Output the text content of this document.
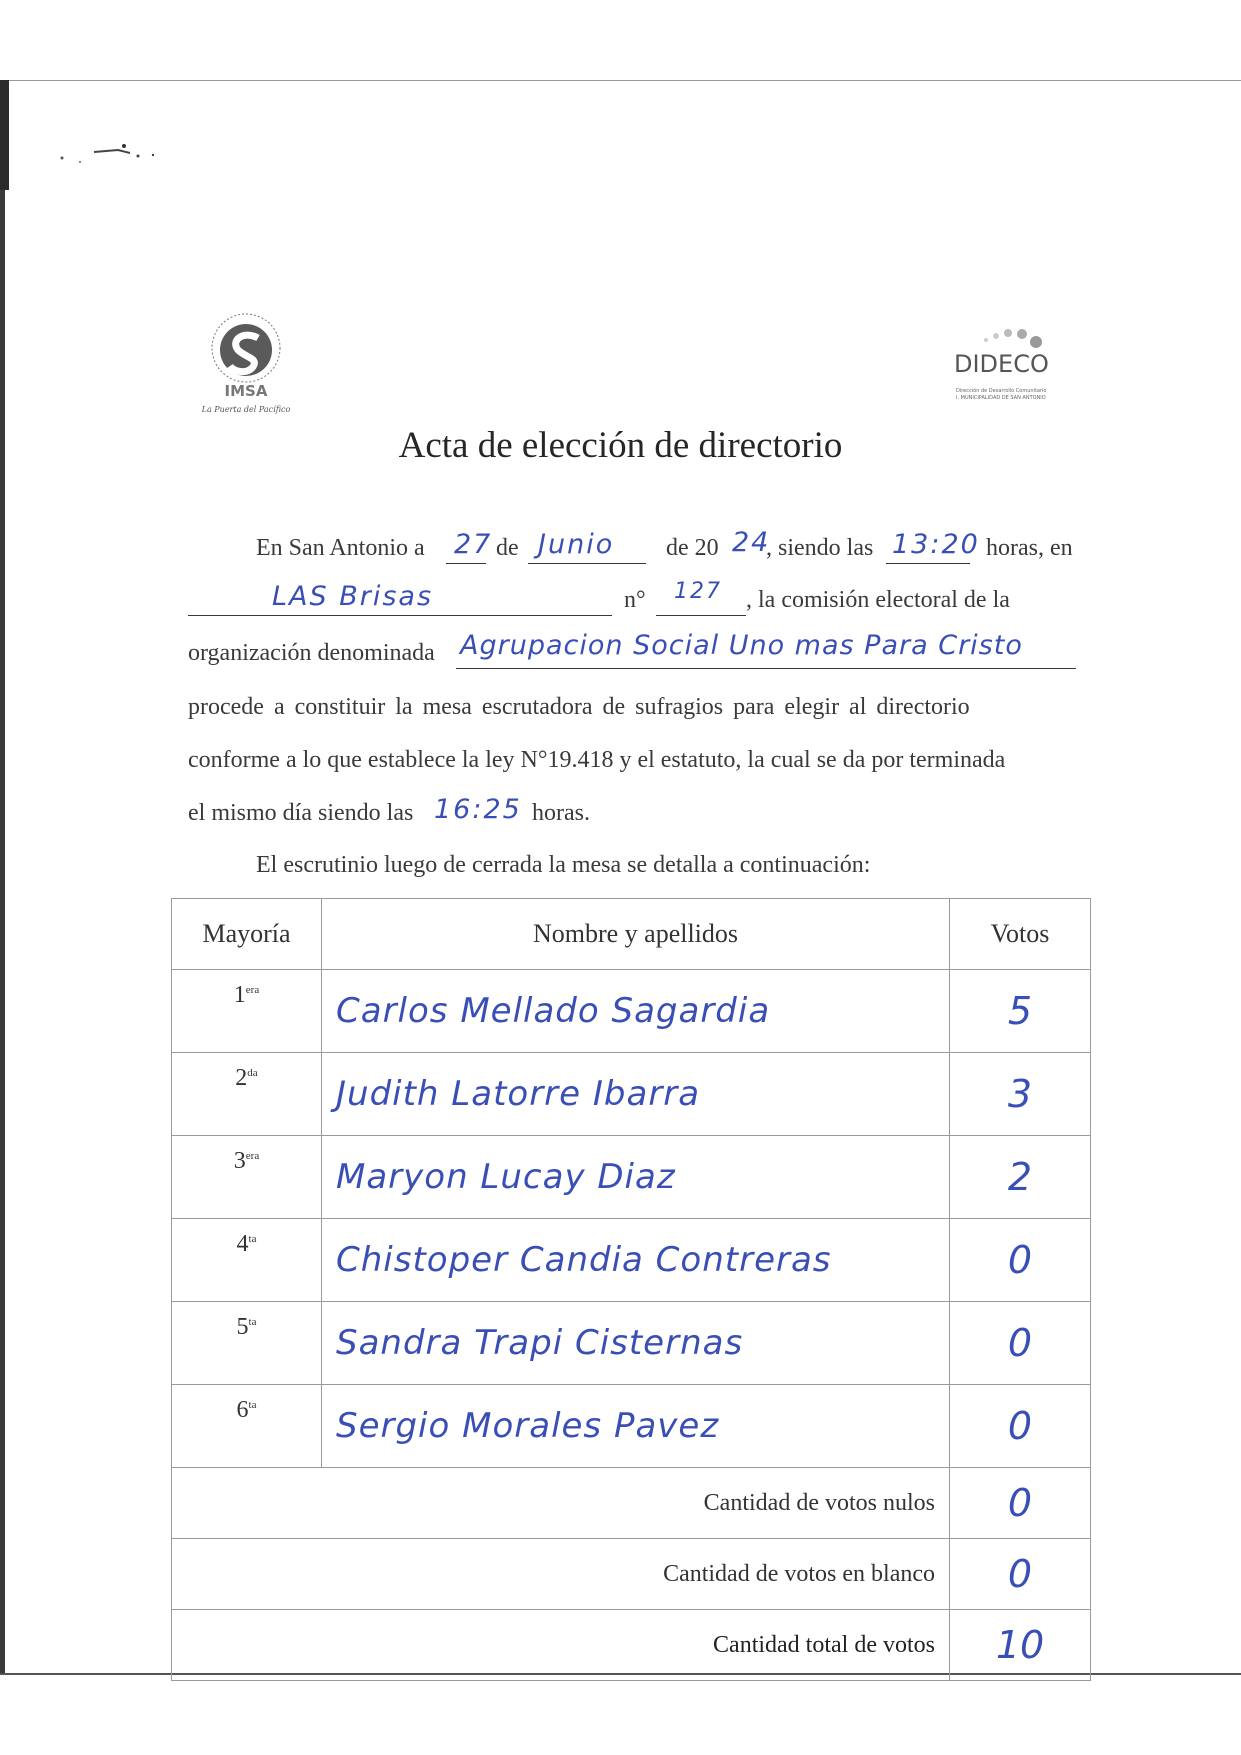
IMSA
La Puerta del Pacífico
DIDECO
Dirección de Desarrollo Comunitario
I. MUNICIPALIDAD DE SAN ANTONIO
Acta de elección de directorio
En San Antonio a 27 de Junio de 20 24
, siendo las 13:20 horas, en
LAS Brisas	n° 127 , la comisión electoral de la
organización denominada Agrupacion Social Uno mas Para Cristo
procede a constituir la mesa escrutadora de sufragios para elegir al directorio
conforme a lo que establece la ley N°19.418 y el estatuto, la cual se da por terminada
el mismo día siendo las 16:25 horas.
El escrutinio luego de cerrada la mesa se detalla a continuación:
Mayoría	Nombre y apellidos	Votos
$1^{era}$	Carlos Mellado Sagardia	5
$2^{da}$	Judith Latorre Ibarra	3
$3^{era}$	Maryon Lucay Diaz	2
$4^{ta}$	Chistoper Candia Contreras	0
$5^{ta}$	Sandra Trapi Cisternas	0
$6^{ta}$	Sergio Morales Pavez	0
Cantidad de votos nulos		0
Cantidad de votos en blanco		0
Cantidad total de votos		10
